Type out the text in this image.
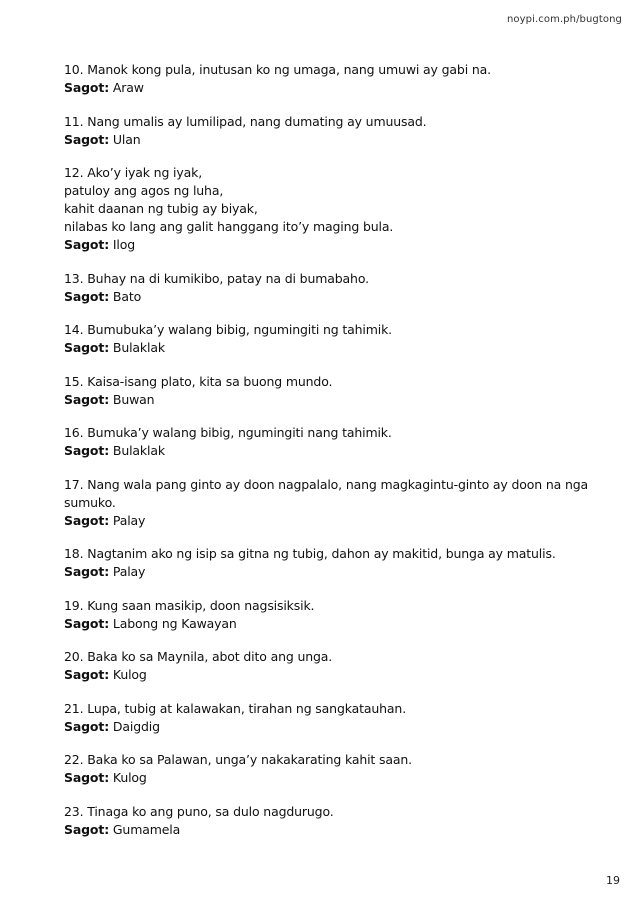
noypi.com.ph/bugtong
10. Manok kong pula, inutusan ko ng umaga, nang umuwi ay gabi na.
Sagot: Araw
11. Nang umalis ay lumilipad, nang dumating ay umuusad.
Sagot: Ulan
12. Ako’y iyak ng iyak,
patuloy ang agos ng luha,
kahit daanan ng tubig ay biyak,
nilabas ko lang ang galit hanggang ito’y maging bula.
Sagot: Ilog
13. Buhay na di kumikibo, patay na di bumabaho.
Sagot: Bato
14. Bumubuka’y walang bibig, ngumingiti ng tahimik.
Sagot: Bulaklak
15. Kaisa-isang plato, kita sa buong mundo.
Sagot: Buwan
16. Bumuka’y walang bibig, ngumingiti nang tahimik.
Sagot: Bulaklak
17. Nang wala pang ginto ay doon nagpalalo, nang magkagintu-ginto ay doon na nga sumuko.
Sagot: Palay
18. Nagtanim ako ng isip sa gitna ng tubig, dahon ay makitid, bunga ay matulis.
Sagot: Palay
19. Kung saan masikip, doon nagsisiksik.
Sagot: Labong ng Kawayan
20. Baka ko sa Maynila, abot dito ang unga.
Sagot: Kulog
21. Lupa, tubig at kalawakan, tirahan ng sangkatauhan.
Sagot: Daigdig
22. Baka ko sa Palawan, unga’y nakakarating kahit saan.
Sagot: Kulog
23. Tinaga ko ang puno, sa dulo nagdurugo.
Sagot: Gumamela
19
